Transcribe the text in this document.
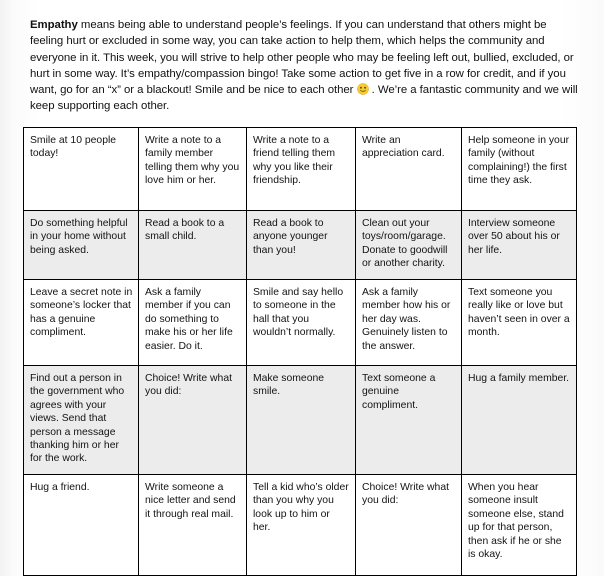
Empathy means being able to understand people’s feelings. If you can understand that others might be feeling hurt or excluded in some way, you can take action to help them, which helps the community and everyone in it. This week, you will strive to help other people who may be feeling left out, bullied, excluded, or hurt in some way. It’s empathy/compassion bingo! Take some action to get five in a row for credit, and if you want, go for an “x” or a blackout! Smile and be nice to each other
. We’re a fantastic community and we will keep supporting each other.

Smile at 10 people today!	Write a note to a family member telling them why you love him or her.	Write a note to a friend telling them why you like their friendship.	Write an appreciation card.	Help someone in your family (without complaining!) the first time they ask.
Do something helpful in your home without being asked.	Read a book to a small child.	Read a book to anyone younger than you!	Clean out your toys/room/garage. Donate to goodwill or another charity.	Interview someone over 50 about his or her life.
Leave a secret note in someone’s locker that has a genuine compliment.	Ask a family member if you can do something to make his or her life easier. Do it.	Smile and say hello to someone in the hall that you wouldn’t normally.	Ask a family member how his or her day was. Genuinely listen to the answer.	Text someone you really like or love but haven’t seen in over a month.
Find out a person in the government who agrees with your views. Send that person a message thanking him or her for the work.	Choice! Write what you did:	Make someone smile.	Text someone a genuine compliment.	Hug a family member.
Hug a friend.	Write someone a nice letter and send it through real mail.	Tell a kid who’s older than you why you look up to him or her.	Choice! Write what you did:	When you hear someone insult someone else, stand up for that person, then ask if he or she is okay.
